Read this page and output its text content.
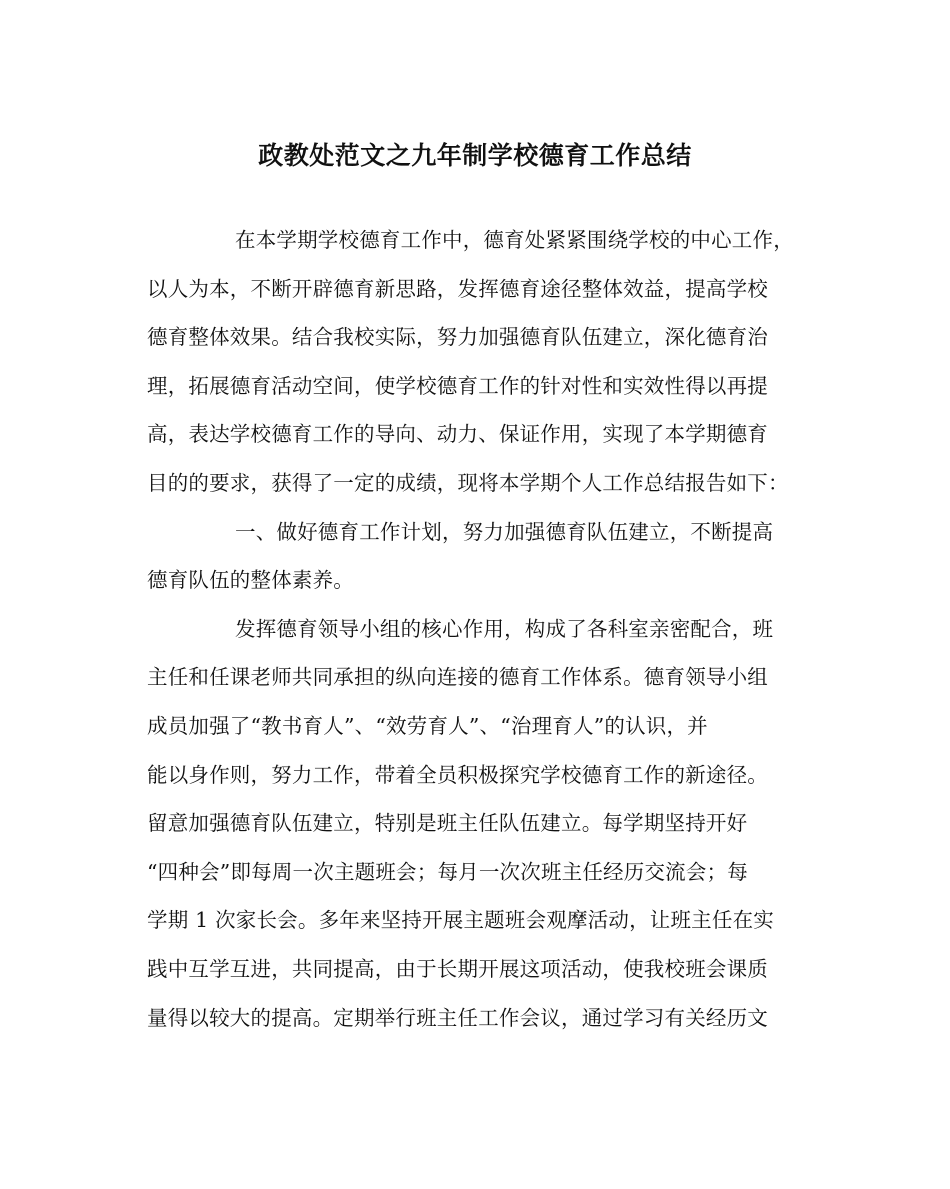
政教处范文之九年制学校德育工作总结

在本学期学校德育工作中，德育处紧紧围绕学校的中心工作，
以人为本，不断开辟德育新思路，发挥德育途径整体效益，提高学校
德育整体效果。结合我校实际，努力加强德育队伍建立，深化德育治
理，拓展德育活动空间，使学校德育工作的针对性和实效性得以再提
高，表达学校德育工作的导向、动力、保证作用，实现了本学期德育
目的的要求，获得了一定的成绩，现将本学期个人工作总结报告如下：

一、做好德育工作计划，努力加强德育队伍建立，不断提高
德育队伍的整体素养。

发挥德育领导小组的核心作用，构成了各科室亲密配合，班
主任和任课老师共同承担的纵向连接的德育工作体系。德育领导小组
成员加强了“教书育人”、“效劳育人”、“治理育人”的认识，并
能以身作则，努力工作，带着全员积极探究学校德育工作的新途径。
留意加强德育队伍建立，特别是班主任队伍建立。每学期坚持开好
“四种会”即每周一次主题班会；每月一次次班主任经历交流会；每
学期 1 次家长会。多年来坚持开展主题班会观摩活动，让班主任在实
践中互学互进，共同提高，由于长期开展这项活动，使我校班会课质
量得以较大的提高。定期举行班主任工作会议，通过学习有关经历文
